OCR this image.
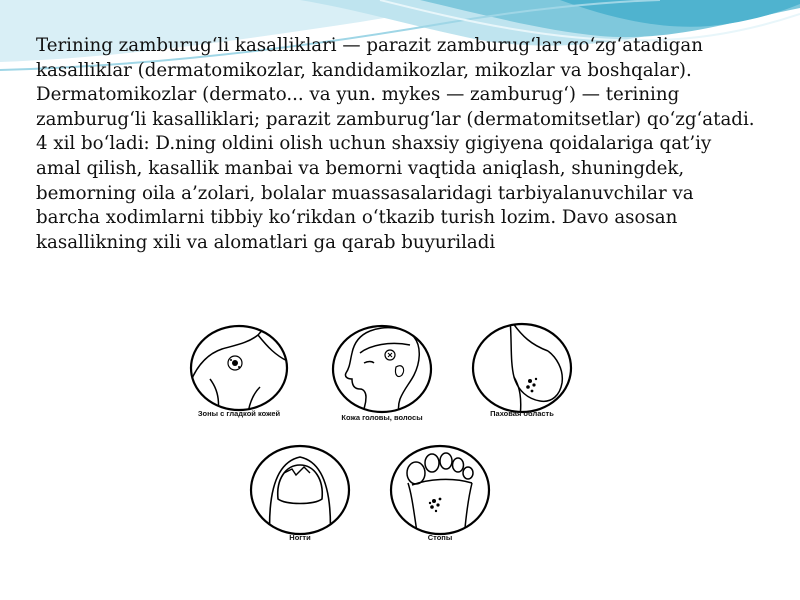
Terining zamburug‘li kasalliklari — parazit zamburug‘lar qo‘zg‘atadigan kasalliklar (dermatomikozlar, kandidamikozlar, mikozlar va boshqalar).

Dermatomikozlar (dermato... va yun. mykes — zamburug‘) — terining zamburug‘li kasalliklari; parazit zamburug‘lar (dermatomitsetlar) qo‘zg‘atadi. 4 xil bo‘ladi: D.ning oldini olish uchun shaxsiy gigiyena qoidalariga qat’iy amal qilish, kasallik manbai va bemorni vaqtida aniqlash, shuningdek, bemorning oila a’zolari, bolalar muassasalaridagi tarbiyalanuvchilar va barcha xodimlarni tibbiy ko‘rikdan o‘tkazib turish lozim. Davo asosan kasallikning xili va alomatlari ga qarab buyuriladi

Зоны с гладкой кожей	Кожа головы, волосы	Паховая область
Ногти	Стопы
